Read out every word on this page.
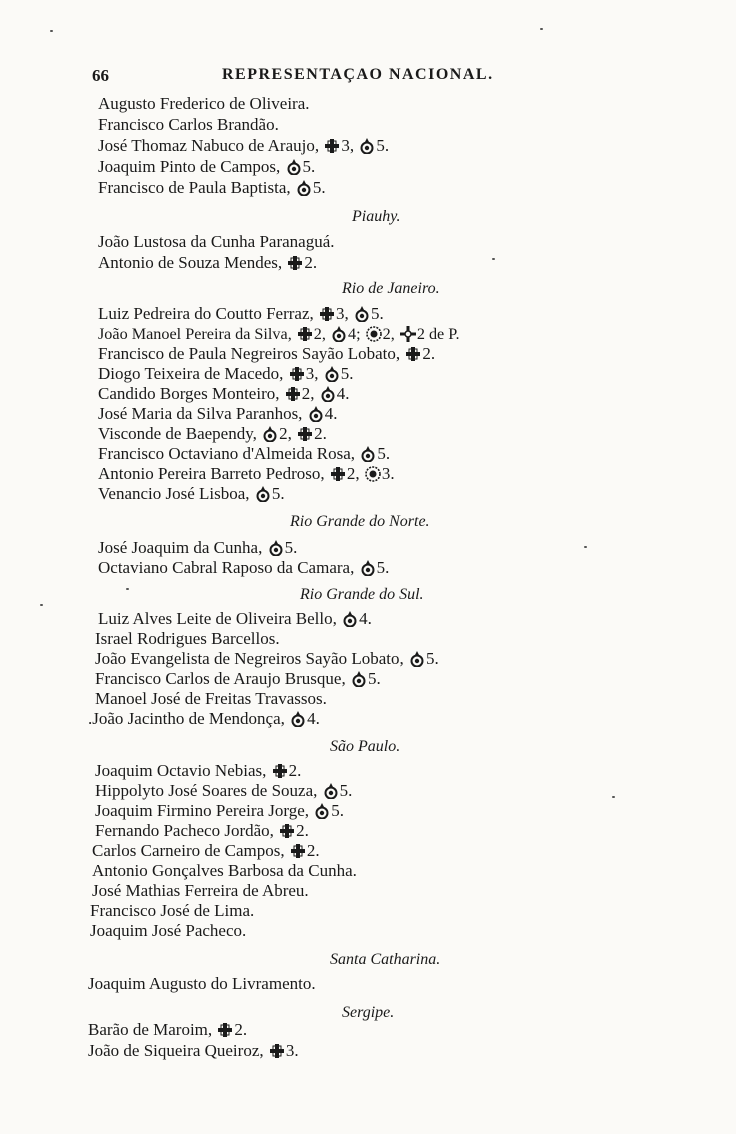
66	REPRESENTAÇAO NACIONAL.
Augusto Frederico de Oliveira.
Francisco Carlos Brandão.
José Thomaz Nabuco de Araujo, 3, 5.
Joaquim Pinto de Campos, 5.
Francisco de Paula Baptista, 5.
Piauhy.
João Lustosa da Cunha Paranaguá.
Antonio de Souza Mendes, 2.
Rio de Janeiro.
Luiz Pedreira do Coutto Ferraz, 3, 5.
João Manoel Pereira da Silva, 2, 4; 2, 2 de P.
Francisco de Paula Negreiros Sayão Lobato, 2.
Diogo Teixeira de Macedo, 3, 5.
Candido Borges Monteiro, 2, 4.
José Maria da Silva Paranhos, 4.
Visconde de Baependy, 2, 2.
Francisco Octaviano d'Almeida Rosa, 5.
Antonio Pereira Barreto Pedroso, 2, 3.
Venancio José Lisboa, 5.
Rio Grande do Norte.
José Joaquim da Cunha, 5.
Octaviano Cabral Raposo da Camara, 5.
Rio Grande do Sul.
Luiz Alves Leite de Oliveira Bello, 4.
Israel Rodrigues Barcellos.
João Evangelista de Negreiros Sayão Lobato, 5.
Francisco Carlos de Araujo Brusque, 5.
Manoel José de Freitas Travassos.
.João Jacintho de Mendonça, 4.
São Paulo.
Joaquim Octavio Nebias, 2.
Hippolyto José Soares de Souza, 5.
Joaquim Firmino Pereira Jorge, 5.
Fernando Pacheco Jordão, 2.
Carlos Carneiro de Campos, 2.
Antonio Gonçalves Barbosa da Cunha.
José Mathias Ferreira de Abreu.
Francisco José de Lima.
Joaquim José Pacheco.
Santa Catharina.
Joaquim Augusto do Livramento.
Sergipe.
Barão de Maroim, 2.
João de Siqueira Queiroz, 3.
